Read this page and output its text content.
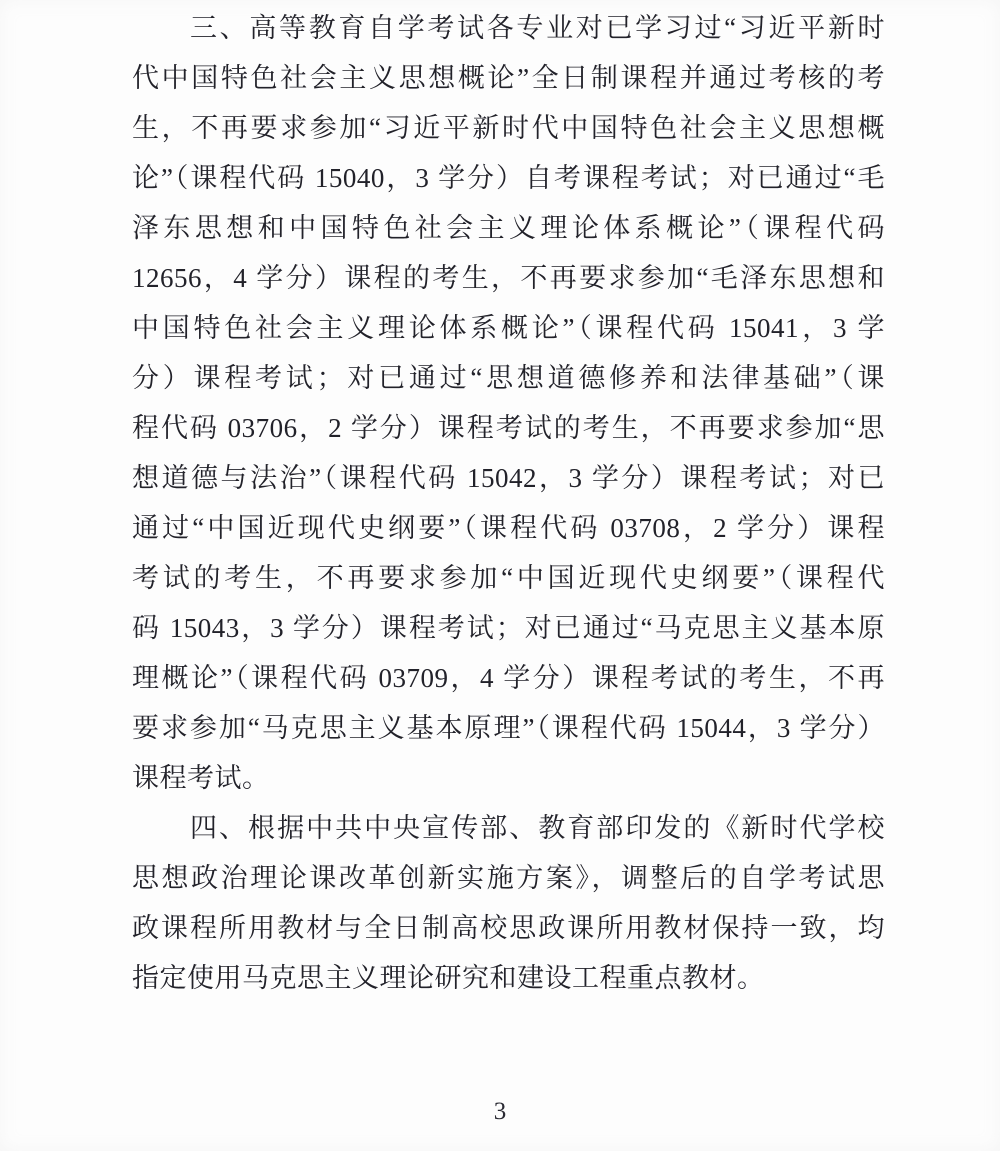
三、高等教育自学考试各专业对已学习过“习近平新时
代中国特色社会主义思想概论”全日制课程并通过考核的考
生，不再要求参加“习近平新时代中国特色社会主义思想概
论”（课程代码 15040，3 学分）自考课程考试；对已通过“毛
泽东思想和中国特色社会主义理论体系概论”（课程代码
12656，4 学分）课程的考生，不再要求参加“毛泽东思想和
中国特色社会主义理论体系概论”（课程代码 15041，3 学
分）课程考试；对已通过“思想道德修养和法律基础”（课
程代码 03706，2 学分）课程考试的考生，不再要求参加“思
想道德与法治”（课程代码 15042，3 学分）课程考试；对已
通过“中国近现代史纲要”（课程代码 03708，2 学分）课程
考试的考生，不再要求参加“中国近现代史纲要”（课程代
码 15043，3 学分）课程考试；对已通过“马克思主义基本原
理概论”（课程代码 03709，4 学分）课程考试的考生，不再
要求参加“马克思主义基本原理”（课程代码 15044，3 学分）
课程考试。
四、根据中共中央宣传部、教育部印发的《新时代学校
思想政治理论课改革创新实施方案》，调整后的自学考试思
政课程所用教材与全日制高校思政课所用教材保持一致，均
指定使用马克思主义理论研究和建设工程重点教材。
3
